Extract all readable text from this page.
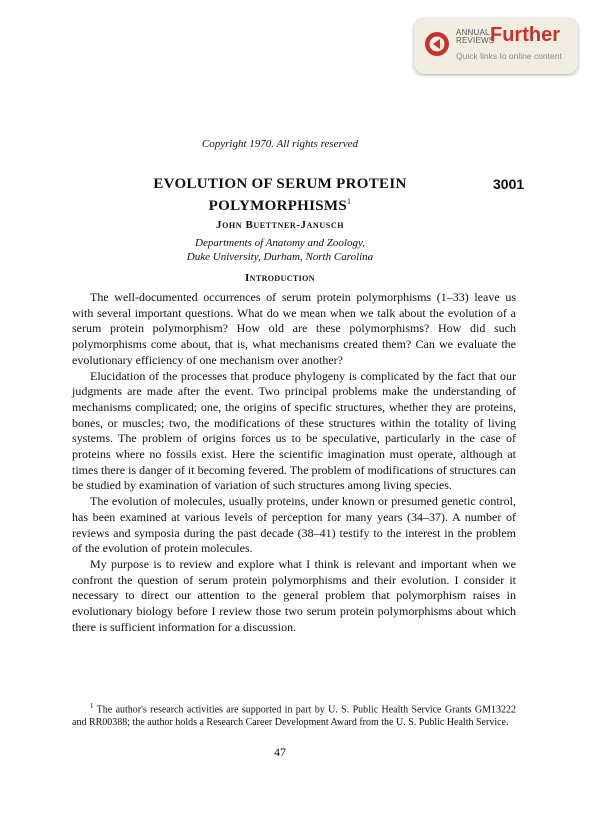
ANNUAL
REVIEWS
Further
Quick links to online content
Copyright 1970. All rights reserved
EVOLUTION OF SERUM PROTEIN POLYMORPHISMS$^1$
3001
John Buettner-Janusch
Departments of Anatomy and Zoology,
Duke University, Durham, North Carolina
Introduction

The well-documented occurrences of serum protein polymorphisms (1–33) leave us with several important questions. What do we mean when we talk about the evolution of a serum protein polymorphism? How old are these polymorphisms? How did such polymorphisms come about, that is, what mechanisms created them? Can we evaluate the evolutionary efficiency of one mechanism over another?

Elucidation of the processes that produce phylogeny is complicated by the fact that our judgments are made after the event. Two principal problems make the understanding of mechanisms complicated; one, the origins of specific structures, whether they are proteins, bones, or muscles; two, the modifications of these structures within the totality of living systems. The problem of origins forces us to be speculative, particularly in the case of proteins where no fossils exist. Here the scientific imagination must operate, although at times there is danger of it becoming fevered. The problem of modifications of structures can be studied by examination of variation of such structures among living species.

The evolution of molecules, usually proteins, under known or presumed genetic control, has been examined at various levels of perception for many years (34–37). A number of reviews and symposia during the past decade (38–41) testify to the interest in the problem of the evolution of protein molecules.

My purpose is to review and explore what I think is relevant and important when we confront the question of serum protein polymorphisms and their evolution. I consider it necessary to direct our attention to the general problem that polymorphism raises in evolutionary biology before I review those two serum protein polymorphisms about which there is sufficient information for a discussion.

$^1$ The author's research activities are supported in part by U. S. Public Health Service Grants GM13222 and RR00388; the author holds a Research Career Development Award from the U. S. Public Health Service.
47
